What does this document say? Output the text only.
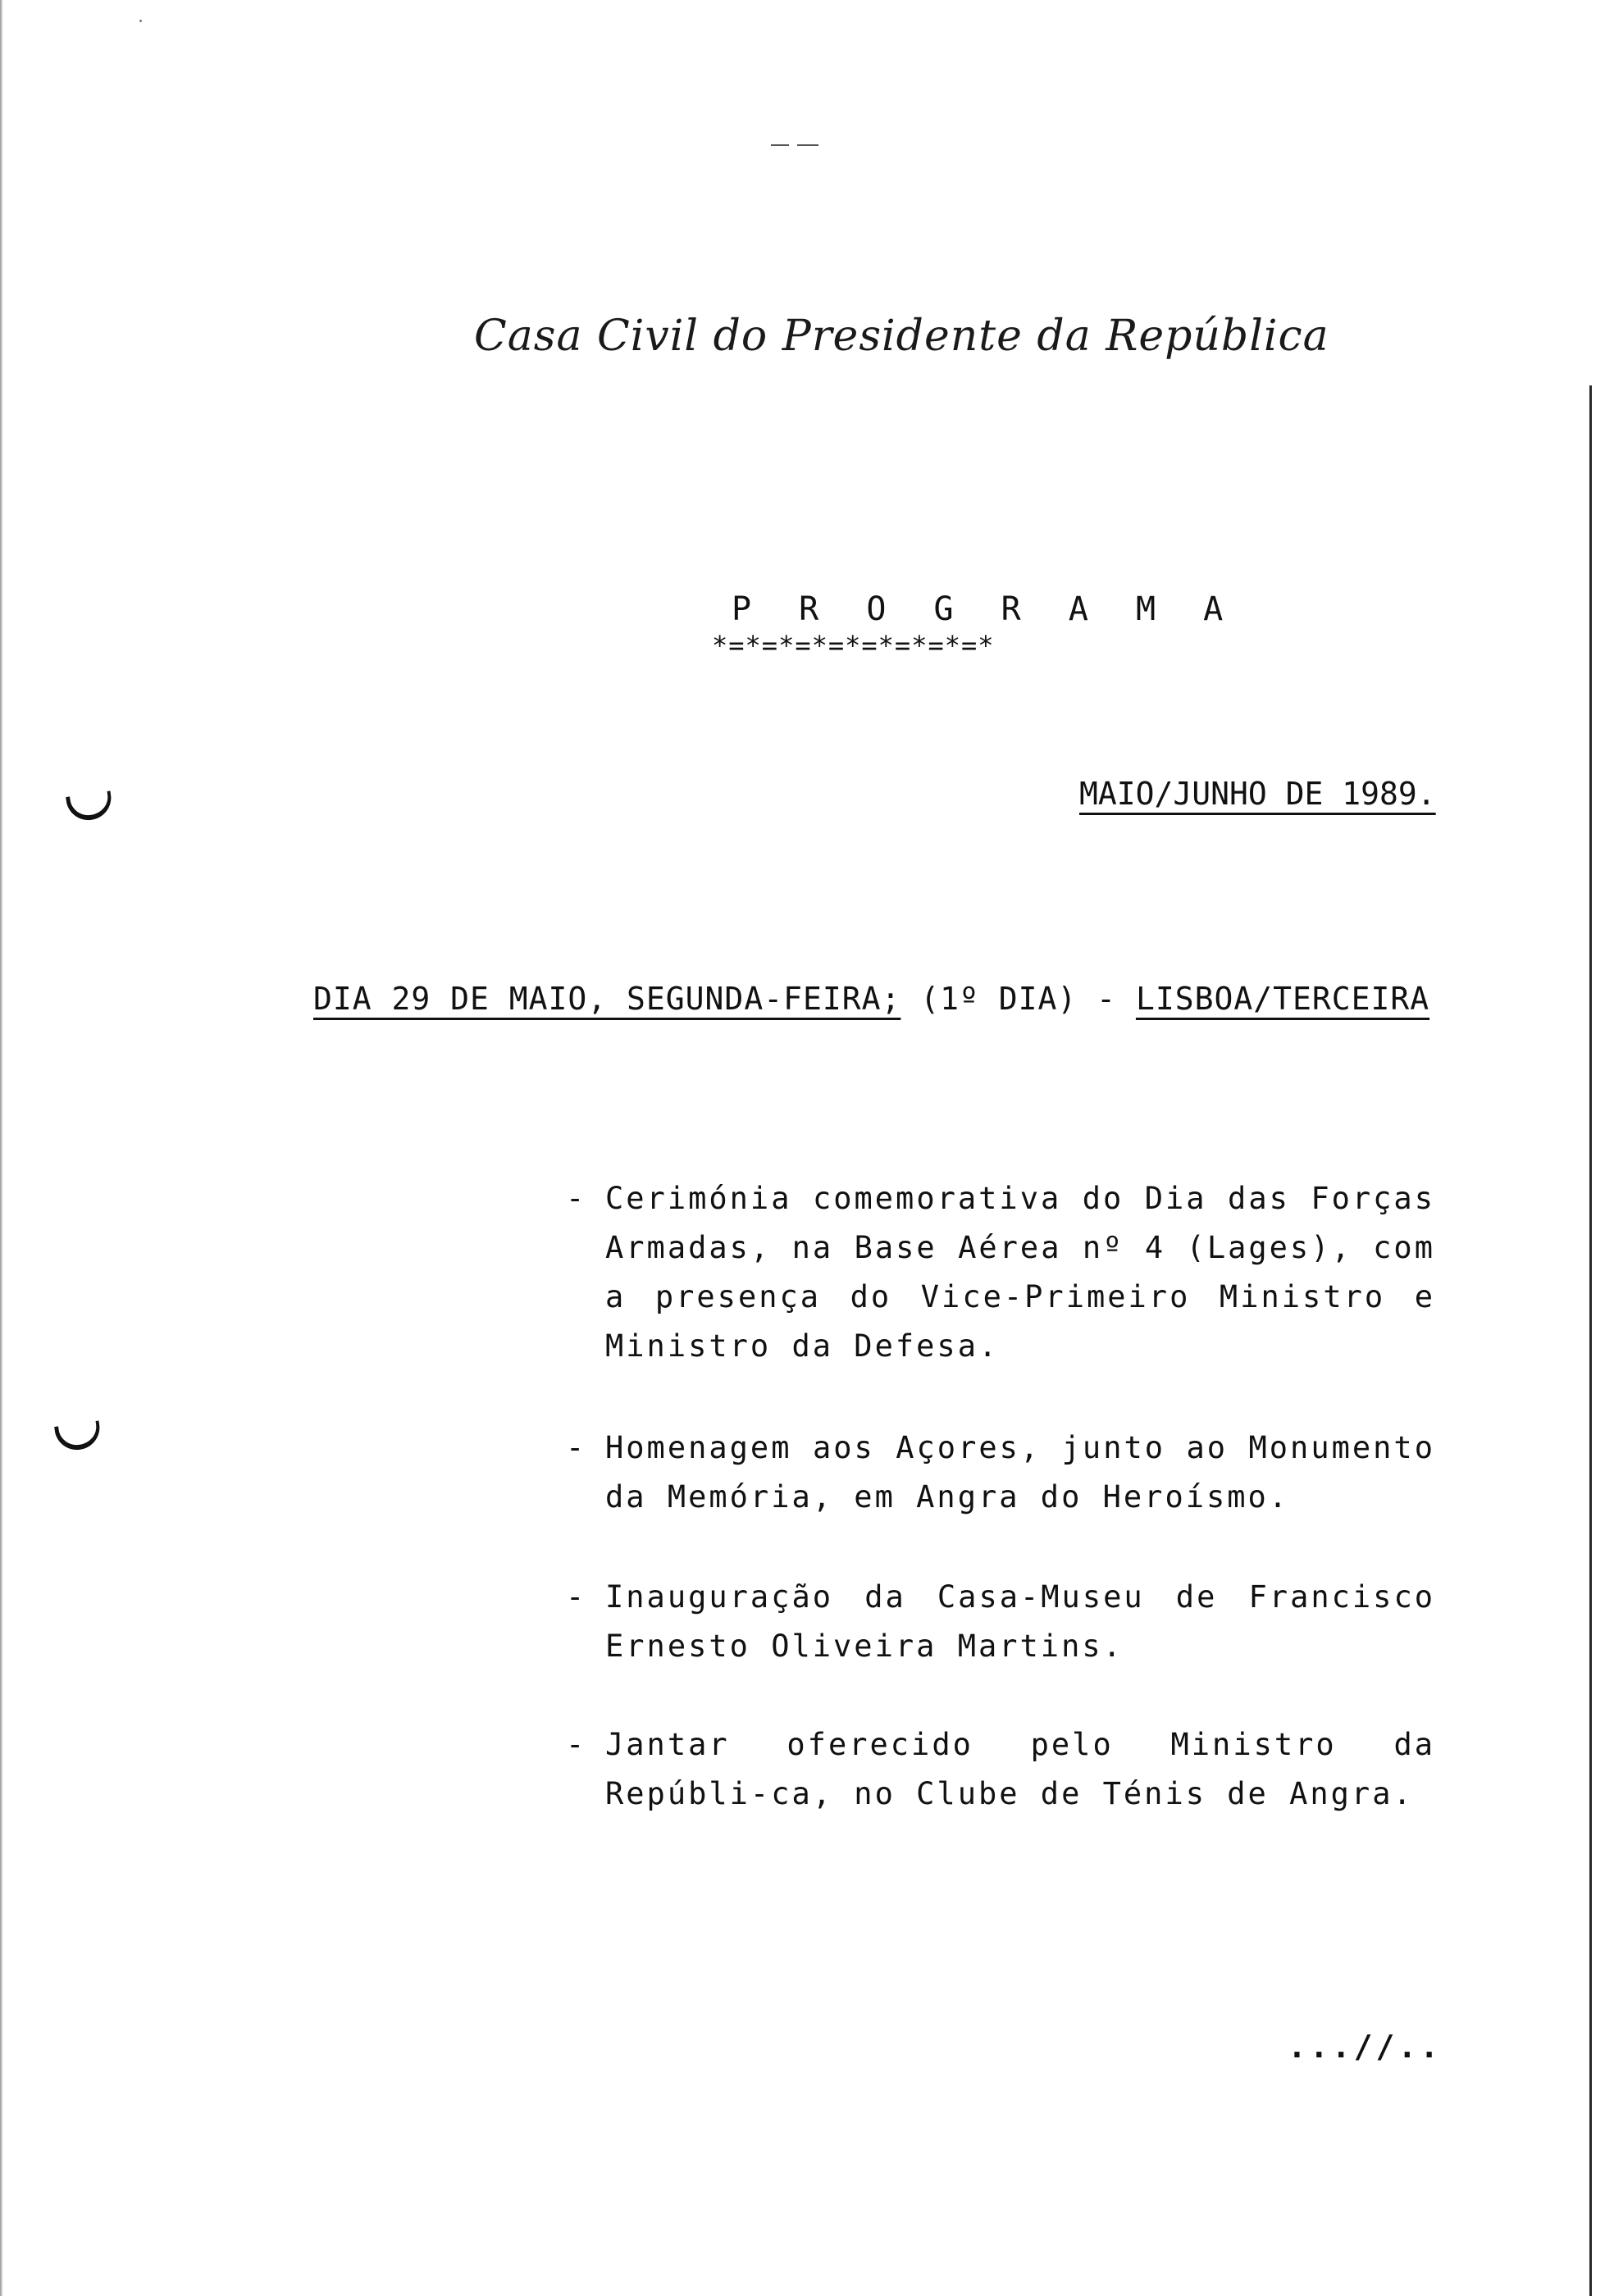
Casa Civil do Presidente da República
P R O G R A M A
*=*=*=*=*=*=*=*=*
MAIO/JUNHO DE 1989.
DIA 29 DE MAIO, SEGUNDA-FEIRA; (1º DIA) - LISBOA/TERCEIRA
- Cerimónia comemorativa do Dia das Forças Armadas, na Base Aérea nº 4 (Lages), com a presença do Vice-Primeiro Ministro e Ministro da Defesa.
- Homenagem aos Açores, junto ao Monumento da Memória, em Angra do Heroísmo.
- Inauguração da Casa-Museu de Francisco Ernesto Oliveira Martins.
- Jantar oferecido pelo Ministro da Repúbli-ca, no Clube de Ténis de Angra.
...//..
